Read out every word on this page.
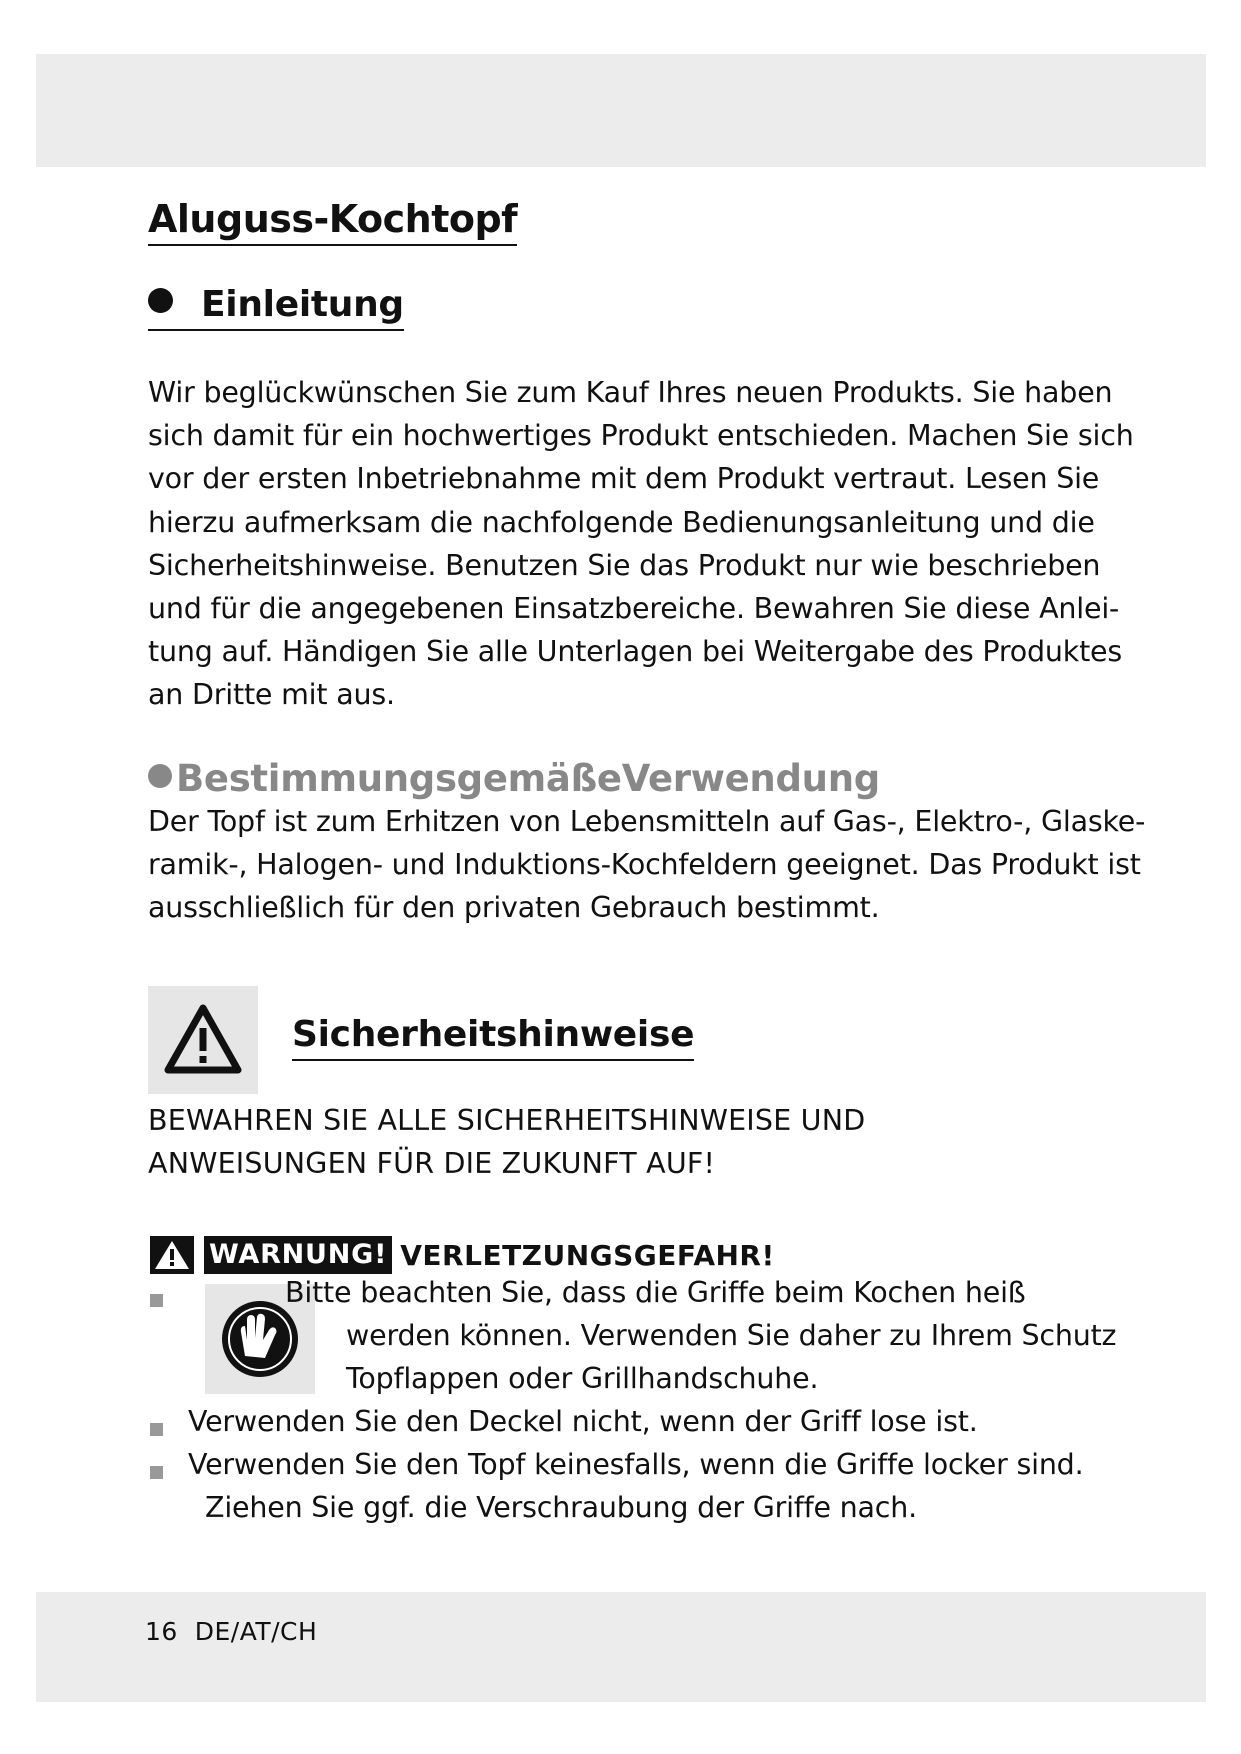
Aluguss-Kochtopf
Einleitung

Wir beglückwünschen Sie zum Kauf Ihres neuen Produkts. Sie haben
sich damit für ein hochwertiges Produkt entschieden. Machen Sie sich
vor der ersten Inbetriebnahme mit dem Produkt vertraut. Lesen Sie
hierzu aufmerksam die nachfolgende Bedienungsanleitung und die
Sicherheitshinweise. Benutzen Sie das Produkt nur wie beschrieben
und für die angegebenen Einsatzbereiche. Bewahren Sie diese Anlei-
tung auf. Händigen Sie alle Unterlagen bei Weitergabe des Produktes
an Dritte mit aus.

BestimmungsgemäßeVerwendung

Der Topf ist zum Erhitzen von Lebensmitteln auf Gas-, Elektro-, Glaske-
ramik-, Halogen- und Induktions-Kochfeldern geeignet. Das Produkt ist
ausschließlich für den privaten Gebrauch bestimmt.

Sicherheitshinweise

BEWAHREN SIE ALLE SICHERHEITSHINWEISE UND
ANWEISUNGEN FÜR DIE ZUKUNFT AUF!

WARNUNG! VERLETZUNGSGEFAHR!

Bitte beachten Sie, dass die Griffe beim Kochen heiß

werden können. Verwenden Sie daher zu Ihrem Schutz

Topflappen oder Grillhandschuhe.

Verwenden Sie den Deckel nicht, wenn der Griff lose ist.

Verwenden Sie den Topf keinesfalls, wenn die Griffe locker sind.

Ziehen Sie ggf. die Verschraubung der Griffe nach.

16 DE/AT/CH
